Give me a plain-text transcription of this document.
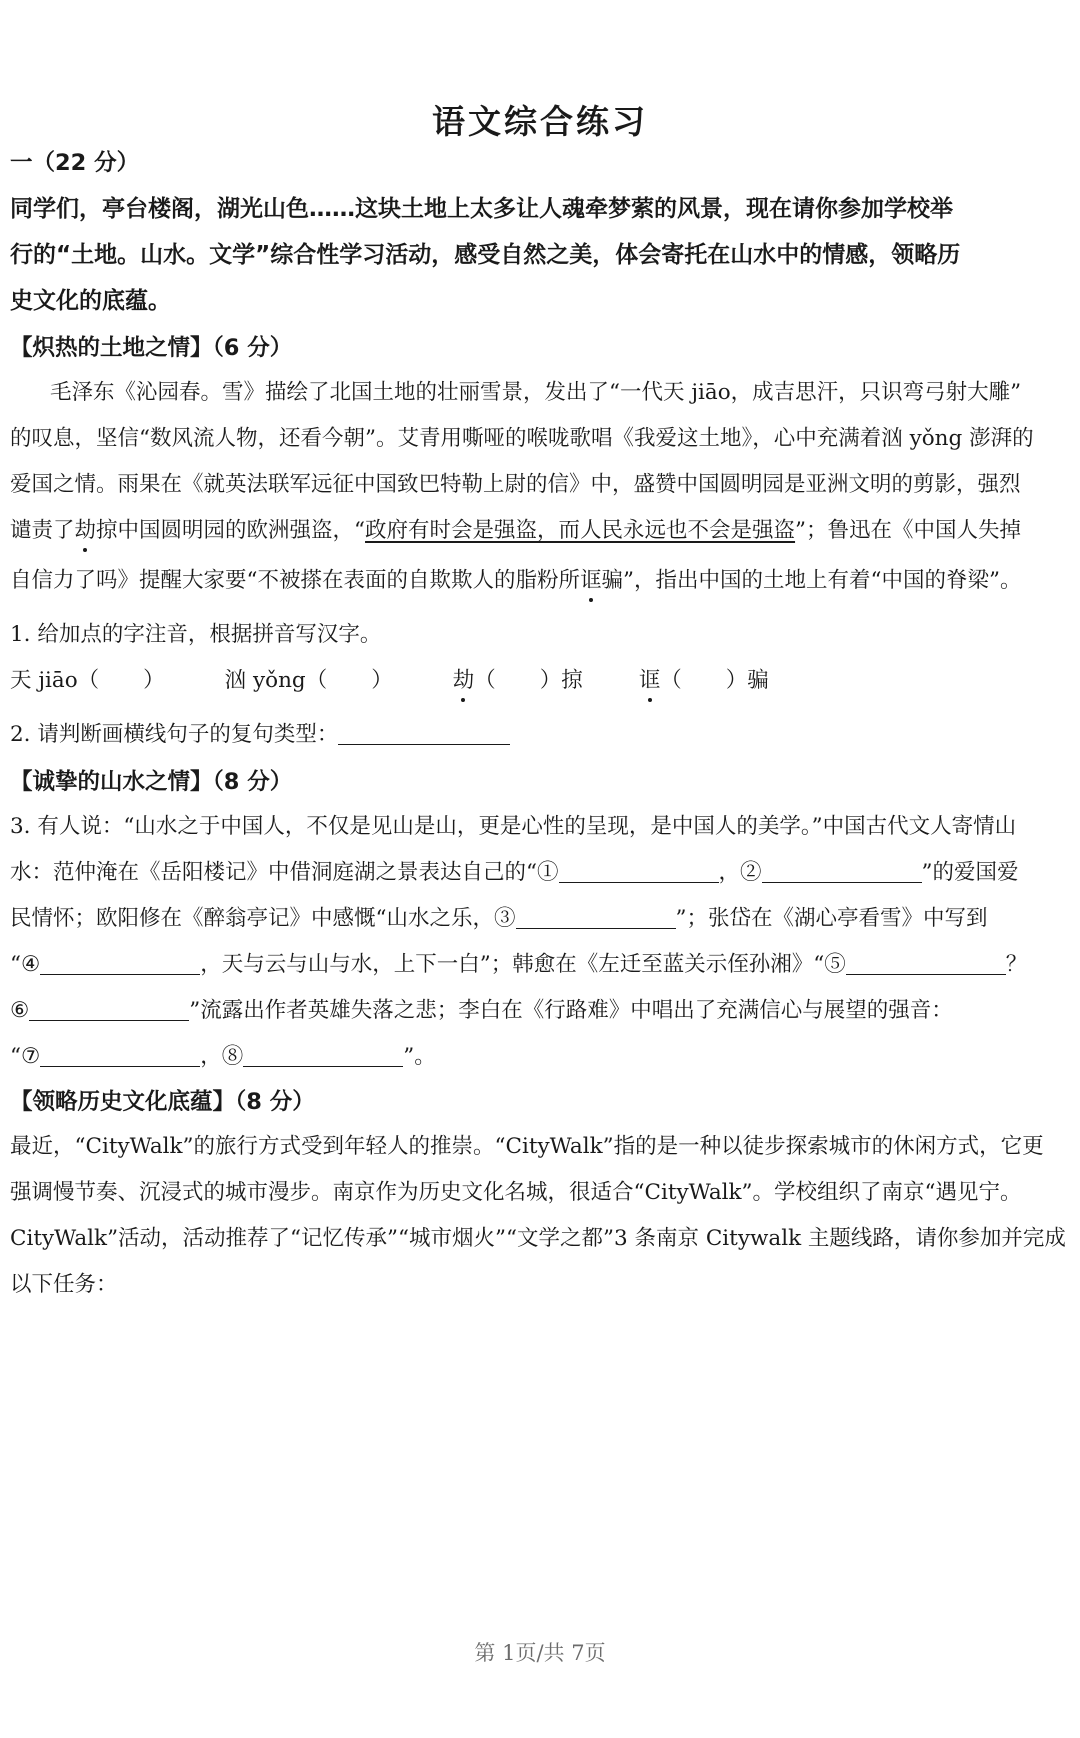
语文综合练习
一（22 分）
同学们，亭台楼阁，湖光山色……这块土地上太多让人魂牵梦萦的风景，现在请你参加学校举
行的“土地。山水。文学”综合性学习活动，感受自然之美，体会寄托在山水中的情感，领略历
史文化的底蕴。
【炽热的土地之情】（6 分）
毛泽东《沁园春。雪》描绘了北国土地的壮丽雪景，发出了“一代天 jiāo，成吉思汗，只识弯弓射大雕”
的叹息，坚信“数风流人物，还看今朝”。艾青用嘶哑的喉咙歌唱《我爱这土地》，心中充满着汹 yǒng 澎湃的
爱国之情。雨果在《就英法联军远征中国致巴特勒上尉的信》中，盛赞中国圆明园是亚洲文明的剪影，强烈
谴责了劫掠中国圆明园的欧洲强盗，“政府有时会是强盗，而人民永远也不会是强盗”；鲁迅在《中国人失掉
自信力了吗》提醒大家要“不被搽在表面的自欺欺人的脂粉所诓骗”，指出中国的土地上有着“中国的脊梁”。
1. 给加点的字注音，根据拼音写汉字。
天 jiāo（ ）	汹 yǒng（ ）	劫（ ）掠	诓（ ）骗
2. 请判断画横线句子的复句类型：
【诚挚的山水之情】（8 分）
3. 有人说：“山水之于中国人，不仅是见山是山，更是心性的呈现，是中国人的美学。”中国古代文人寄情山
水：范仲淹在《岳阳楼记》中借洞庭湖之景表达自己的“①	，②	”的爱国爱
民情怀；欧阳修在《醉翁亭记》中感慨“山水之乐，③	”；张岱在《湖心亭看雪》中写到
“④	，天与云与山与水，上下一白”；韩愈在《左迁至蓝关示侄孙湘》“⑤	？
⑥	”流露出作者英雄失落之悲；李白在《行路难》中唱出了充满信心与展望的强音：
“⑦	，⑧	”。
【领略历史文化底蕴】（8 分）
最近，“CityWalk”的旅行方式受到年轻人的推崇。“CityWalk”指的是一种以徒步探索城市的休闲方式，它更
强调慢节奏、沉浸式的城市漫步。南京作为历史文化名城，很适合“CityWalk”。学校组织了南京“遇见宁。
CityWalk”活动，活动推荐了“记忆传承”“城市烟火”“文学之都”3 条南京 Citywalk 主题线路，请你参加并完成
以下任务：
第 1页/共 7页
